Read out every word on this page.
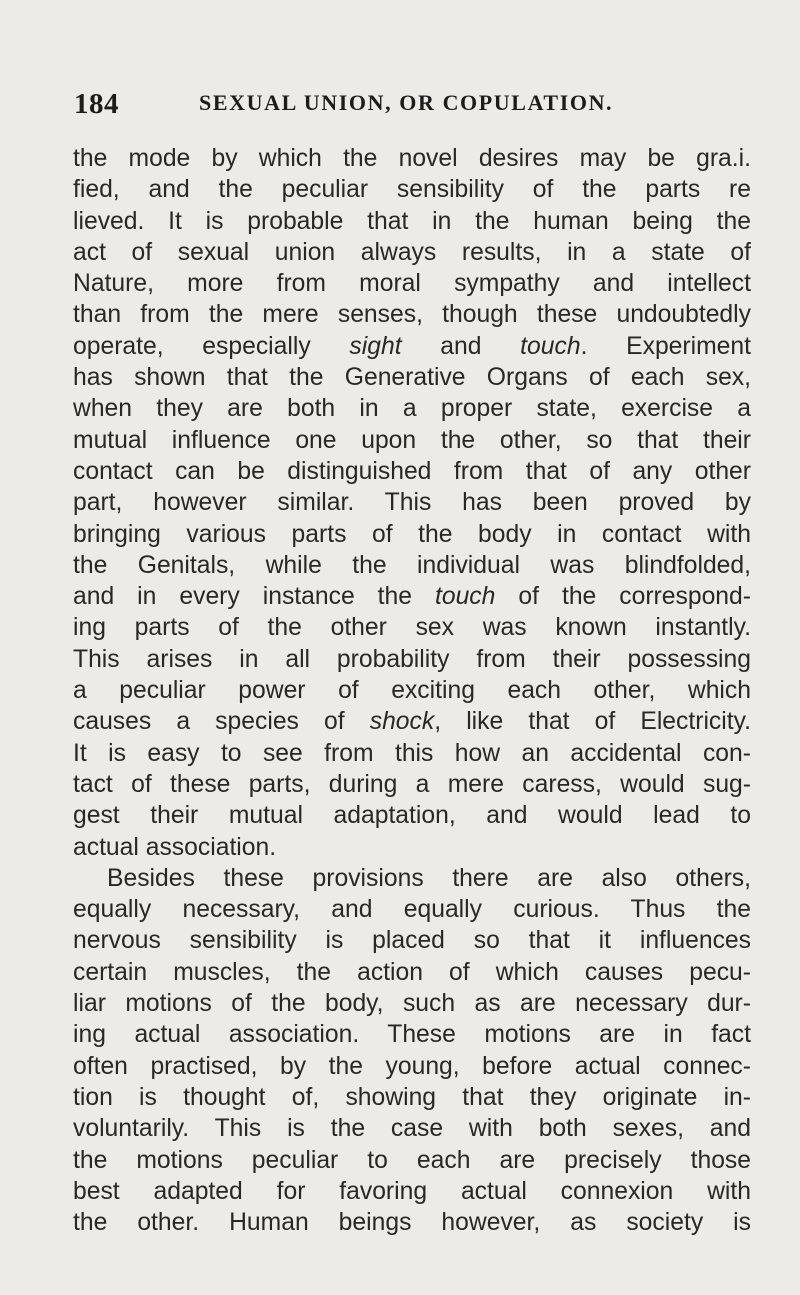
184	SEXUAL UNION, OR COPULATION.
the mode by which the novel desires may be gra.i.
fied, and the peculiar sensibility of the parts re
lieved. It is probable that in the human being the
act of sexual union always results, in a state of
Nature, more from moral sympathy and intellect
than from the mere senses, though these undoubtedly
operate, especially sight and touch. Experiment
has shown that the Generative Organs of each sex,
when they are both in a proper state, exercise a
mutual influence one upon the other, so that their
contact can be distinguished from that of any other
part, however similar. This has been proved by
bringing various parts of the body in contact with
the Genitals, while the individual was blindfolded,
and in every instance the touch of the correspond-
ing parts of the other sex was known instantly.
This arises in all probability from their possessing
a peculiar power of exciting each other, which
causes a species of shock, like that of Electricity.
It is easy to see from this how an accidental con-
tact of these parts, during a mere caress, would sug-
gest their mutual adaptation, and would lead to
actual association.
Besides these provisions there are also others,
equally necessary, and equally curious. Thus the
nervous sensibility is placed so that it influences
certain muscles, the action of which causes pecu-
liar motions of the body, such as are necessary dur-
ing actual association. These motions are in fact
often practised, by the young, before actual connec-
tion is thought of, showing that they originate in-
voluntarily. This is the case with both sexes, and
the motions peculiar to each are precisely those
best adapted for favoring actual connexion with
the other. Human beings however, as society is
